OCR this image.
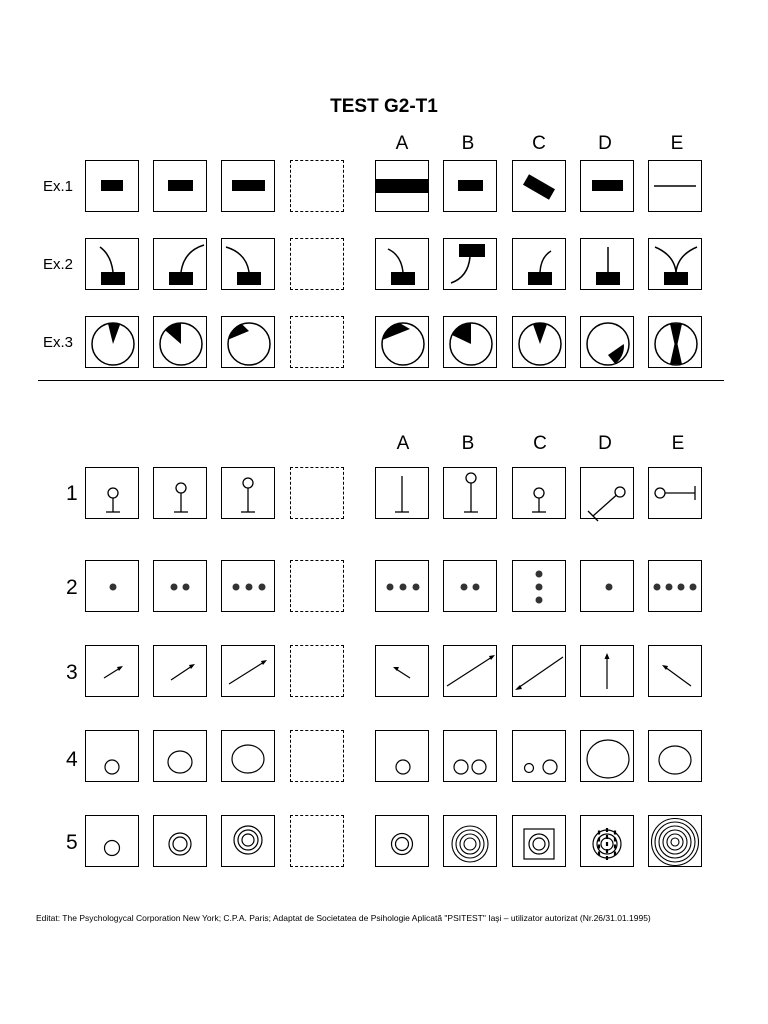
TEST G2-T1
A	B	C	D	E
Ex.1
Ex.2
Ex.3
A	B	C	D	E
1
2
3
4
5
Editat: The Psychologycal Corporation New York; C.P.A. Paris; Adaptat de Societatea de Psihologie Aplicată "PSITEST" Iaşi – utilizator autorizat (Nr.26/31.01.1995)
